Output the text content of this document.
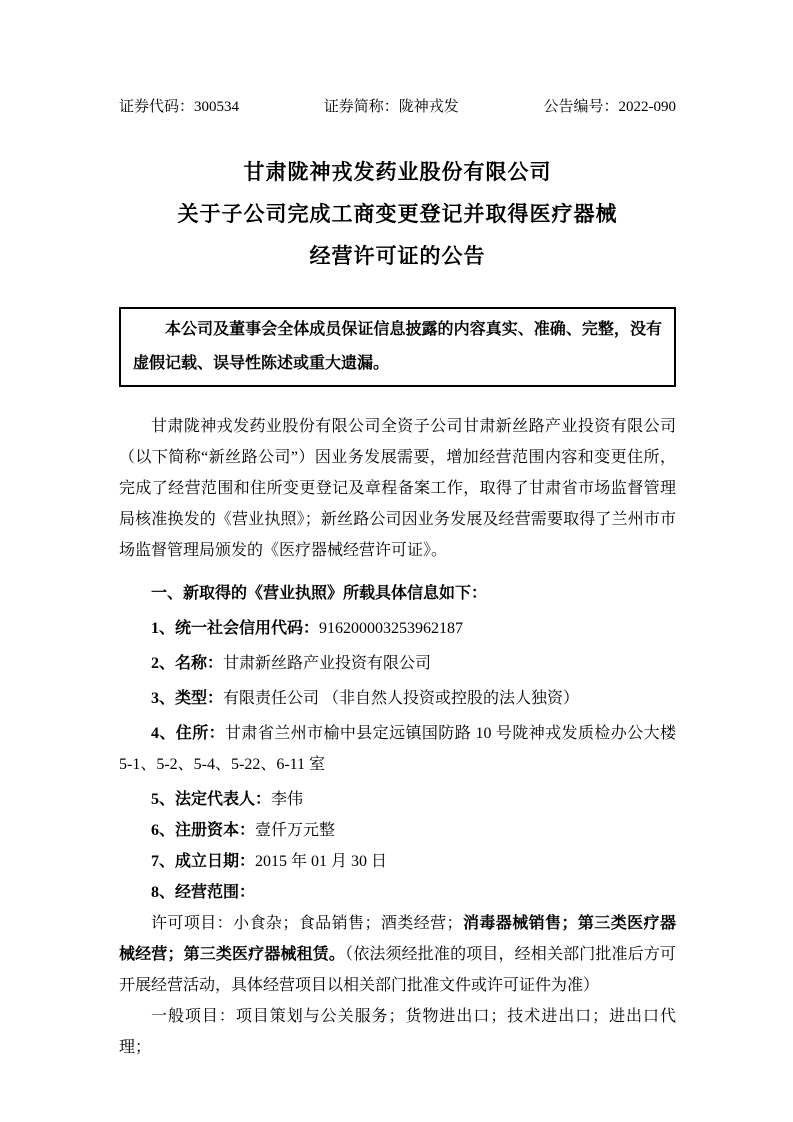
证券代码：300534	证券简称：陇神戎发	公告编号：2022-090
甘肃陇神戎发药业股份有限公司
关于子公司完成工商变更登记并取得医疗器械
经营许可证的公告

本公司及董事会全体成员保证信息披露的内容真实、准确、完整，没有虚假记载、误导性陈述或重大遗漏。

甘肃陇神戎发药业股份有限公司全资子公司甘肃新丝路产业投资有限公司（以下简称“新丝路公司”）因业务发展需要，增加经营范围内容和变更住所，完成了经营范围和住所变更登记及章程备案工作，取得了甘肃省市场监督管理局核准换发的《营业执照》；新丝路公司因业务发展及经营需要取得了兰州市市场监督管理局颁发的《医疗器械经营许可证》。

一、新取得的《营业执照》所载具体信息如下：

1、统一社会信用代码：916200003253962187

2、名称：甘肃新丝路产业投资有限公司

3、类型：有限责任公司 （非自然人投资或控股的法人独资）

4、住所：甘肃省兰州市榆中县定远镇国防路 10 号陇神戎发质检办公大楼5-1、5-2、5-4、5-22、6-11 室

5、法定代表人：李伟

6、注册资本：壹仟万元整

7、成立日期：2015 年 01 月 30 日

8、经营范围：

许可项目：小食杂；食品销售；酒类经营；消毒器械销售；第三类医疗器械经营；第三类医疗器械租赁。（依法须经批准的项目，经相关部门批准后方可开展经营活动，具体经营项目以相关部门批准文件或许可证件为准）

一般项目：项目策划与公关服务；货物进出口；技术进出口；进出口代理；
